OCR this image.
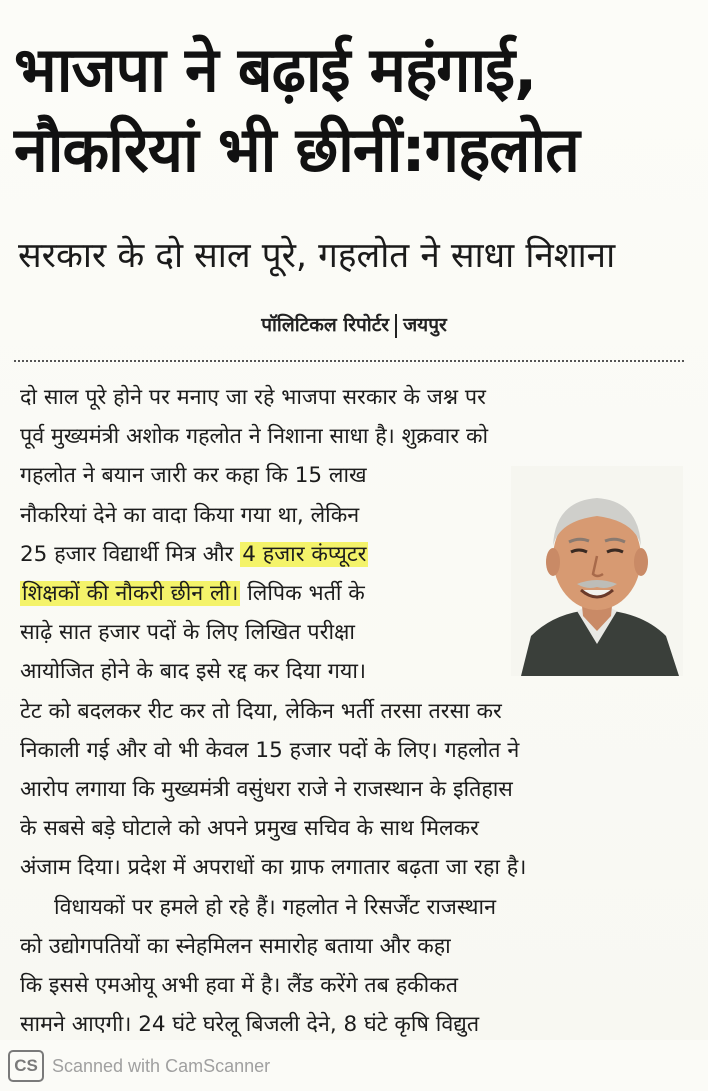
भाजपा ने बढ़ाई महंगाई,
नौकरियां भी छीनीं:गहलोत
सरकार के दो साल पूरे, गहलोत ने साधा निशाना
पॉलिटिकल रिपोर्टर जयपुर
दो साल पूरे होने पर मनाए जा रहे भाजपा सरकार के जश्न पर
पूर्व मुख्यमंत्री अशोक गहलोत ने निशाना साधा है। शुक्रवार को
गहलोत ने बयान जारी कर कहा कि 15 लाख
नौकरियां देने का वादा किया गया था, लेकिन
25 हजार विद्यार्थी मित्र और 4 हजार कंप्यूटर
शिक्षकों की नौकरी छीन ली। लिपिक भर्ती के
साढ़े सात हजार पदों के लिए लिखित परीक्षा
आयोजित होने के बाद इसे रद्द कर दिया गया।
टेट को बदलकर रीट कर तो दिया, लेकिन भर्ती तरसा तरसा कर
निकाली गई और वो भी केवल 15 हजार पदों के लिए। गहलोत ने
आरोप लगाया कि मुख्यमंत्री वसुंधरा राजे ने राजस्थान के इतिहास
के सबसे बड़े घोटाले को अपने प्रमुख सचिव के साथ मिलकर
अंजाम दिया। प्रदेश में अपराधों का ग्राफ लगातार बढ़ता जा रहा है।
विधायकों पर हमले हो रहे हैं। गहलोत ने रिसर्जेंट राजस्थान
को उद्योगपतियों का स्नेहमिलन समारोह बताया और कहा
कि इससे एमओयू अभी हवा में है। लैंड करेंगे तब हकीकत
सामने आएगी। 24 घंटे घरेलू बिजली देने, 8 घंटे कृषि विद्युत
CS Scanned with CamScanner
